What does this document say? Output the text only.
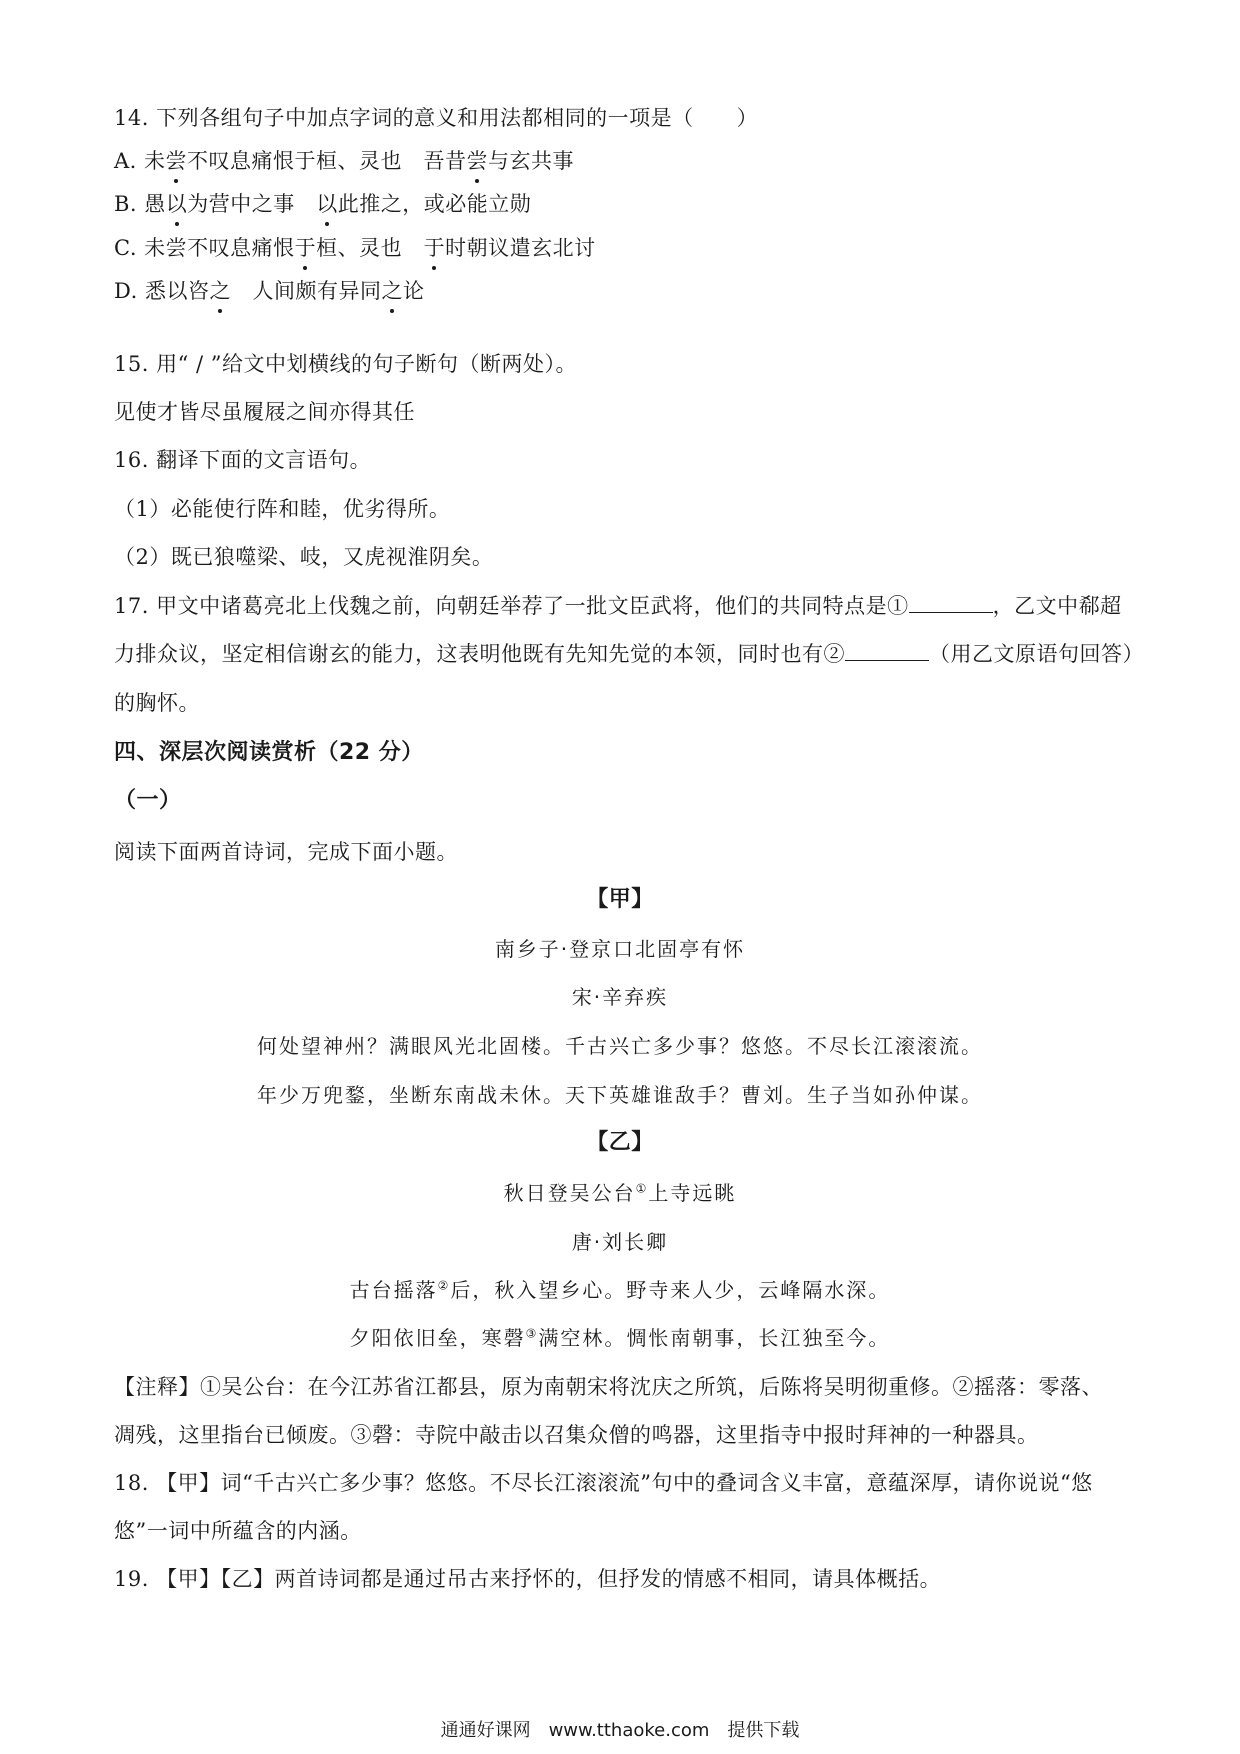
14. 下列各组句子中加点字词的意义和用法都相同的一项是（　　）
A. 未尝不叹息痛恨于桓、灵也　吾昔尝与玄共事
B. 愚以为营中之事　以此推之，或必能立勋
C. 未尝不叹息痛恨于桓、灵也　于时朝议遣玄北讨
D. 悉以咨之　人间颇有异同之论
15. 用“ / ”给文中划横线的句子断句（断两处）。
见使才皆尽虽履屐之间亦得其任
16. 翻译下面的文言语句。
（1）必能使行阵和睦，优劣得所。
（2）既已狼噬梁、岐，又虎视淮阴矣。
17. 甲文中诸葛亮北上伐魏之前，向朝廷举荐了一批文臣武将，他们的共同特点是①	，乙文中郗超
力排众议，坚定相信谢玄的能力，这表明他既有先知先觉的本领，同时也有②	（用乙文原语句回答）
的胸怀。
四、深层次阅读赏析（22 分）
（一）
阅读下面两首诗词，完成下面小题。
【甲】
南乡子·登京口北固亭有怀
宋·辛弃疾
何处望神州？满眼风光北固楼。千古兴亡多少事？悠悠。不尽长江滚滚流。
年少万兜鍪，坐断东南战未休。天下英雄谁敌手？曹刘。生子当如孙仲谋。
【乙】
秋日登吴公台①上寺远眺
唐·刘长卿
古台摇落②后，秋入望乡心。野寺来人少，云峰隔水深。
夕阳依旧垒，寒磬③满空林。惆怅南朝事，长江独至今。
【注释】①吴公台：在今江苏省江都县，原为南朝宋将沈庆之所筑，后陈将吴明彻重修。②摇落：零落、
凋残，这里指台已倾废。③磬：寺院中敲击以召集众僧的鸣器，这里指寺中报时拜神的一种器具。
18. 【甲】词“千古兴亡多少事？悠悠。不尽长江滚滚流”句中的叠词含义丰富，意蕴深厚，请你说说“悠
悠”一词中所蕴含的内涵。
19. 【甲】【乙】两首诗词都是通过吊古来抒怀的，但抒发的情感不相同，请具体概括。
通通好课网　www.tthaoke.com　提供下载
